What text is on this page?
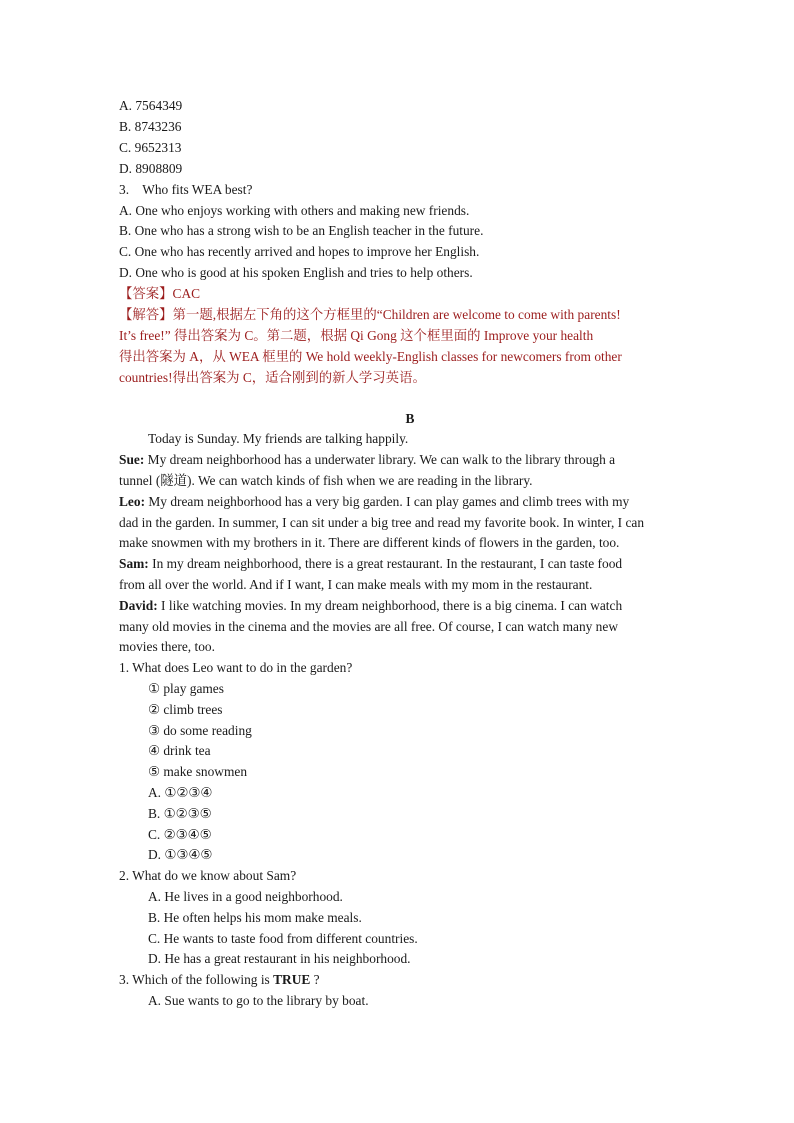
A. 7564349
B. 8743236
C. 9652313
D. 8908809
3.    Who fits WEA best?
A. One who enjoys working with others and making new friends.
B. One who has a strong wish to be an English teacher in the future.
C. One who has recently arrived and hopes to improve her English.
D. One who is good at his spoken English and tries to help others.
【答案】CAC
【解答】第一题,根据左下角的这个方框里的“Children are welcome to come with parents!
It’s free!” 得出答案为 C。第二题，根据 Qi Gong 这个框里面的 Improve your health
得出答案为 A，从 WEA 框里的 We hold weekly-English classes for newcomers from other
countries!得出答案为 C，适合刚到的新人学习英语。
B
Today is Sunday. My friends are talking happily.
Sue: My dream neighborhood has a underwater library. We can walk to the library through a
tunnel (隧道). We can watch kinds of fish when we are reading in the library.
Leo: My dream neighborhood has a very big garden. I can play games and climb trees with my
dad in the garden. In summer, I can sit under a big tree and read my favorite book. In winter, I can
make snowmen with my brothers in it. There are different kinds of flowers in the garden, too.
Sam: In my dream neighborhood, there is a great restaurant. In the restaurant, I can taste food
from all over the world. And if I want, I can make meals with my mom in the restaurant.
David: I like watching movies. In my dream neighborhood, there is a big cinema. I can watch
many old movies in the cinema and the movies are all free. Of course, I can watch many new
movies there, too.
1. What does Leo want to do in the garden?
① play games
② climb trees
③ do some reading
④ drink tea
⑤ make snowmen
A. ①②③④
B. ①②③⑤
C. ②③④⑤
D. ①③④⑤
2. What do we know about Sam?
A. He lives in a good neighborhood.
B. He often helps his mom make meals.
C. He wants to taste food from different countries.
D. He has a great restaurant in his neighborhood.
3. Which of the following is TRUE ?
A. Sue wants to go to the library by boat.
